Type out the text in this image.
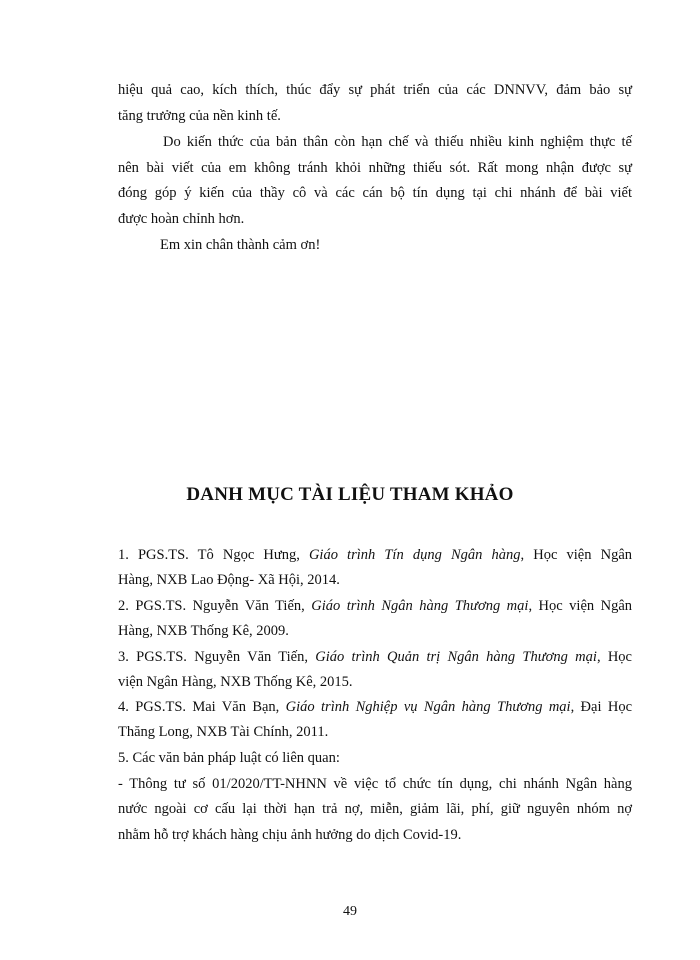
hiệu quả cao, kích thích, thúc đẩy sự phát triển của các DNNVV, đảm bảo sự
tăng trưởng của nền kinh tế.
Do kiến thức của bản thân còn hạn chế và thiếu nhiều kinh nghiệm thực tế
nên bài viết của em không tránh khỏi những thiếu sót. Rất mong nhận được sự
đóng góp ý kiến của thầy cô và các cán bộ tín dụng tại chi nhánh để bài viết
được hoàn chỉnh hơn.
Em xin chân thành cảm ơn!
DANH MỤC TÀI LIỆU THAM KHẢO
1. PGS.TS. Tô Ngọc Hưng, Giáo trình Tín dụng Ngân hàng, Học viện Ngân
Hàng, NXB Lao Động- Xã Hội, 2014.
2. PGS.TS. Nguyễn Văn Tiến, Giáo trình Ngân hàng Thương mại, Học viện Ngân
Hàng, NXB Thống Kê, 2009.
3. PGS.TS. Nguyễn Văn Tiến, Giáo trình Quản trị Ngân hàng Thương mại, Học
viện Ngân Hàng, NXB Thống Kê, 2015.
4. PGS.TS. Mai Văn Bạn, Giáo trình Nghiệp vụ Ngân hàng Thương mại, Đại Học
Thăng Long, NXB Tài Chính, 2011.
5. Các văn bản pháp luật có liên quan:
- Thông tư số 01/2020/TT-NHNN về việc tổ chức tín dụng, chi nhánh Ngân hàng
nước ngoài cơ cấu lại thời hạn trả nợ, miễn, giảm lãi, phí, giữ nguyên nhóm nợ
nhằm hỗ trợ khách hàng chịu ảnh hưởng do dịch Covid-19.
49
